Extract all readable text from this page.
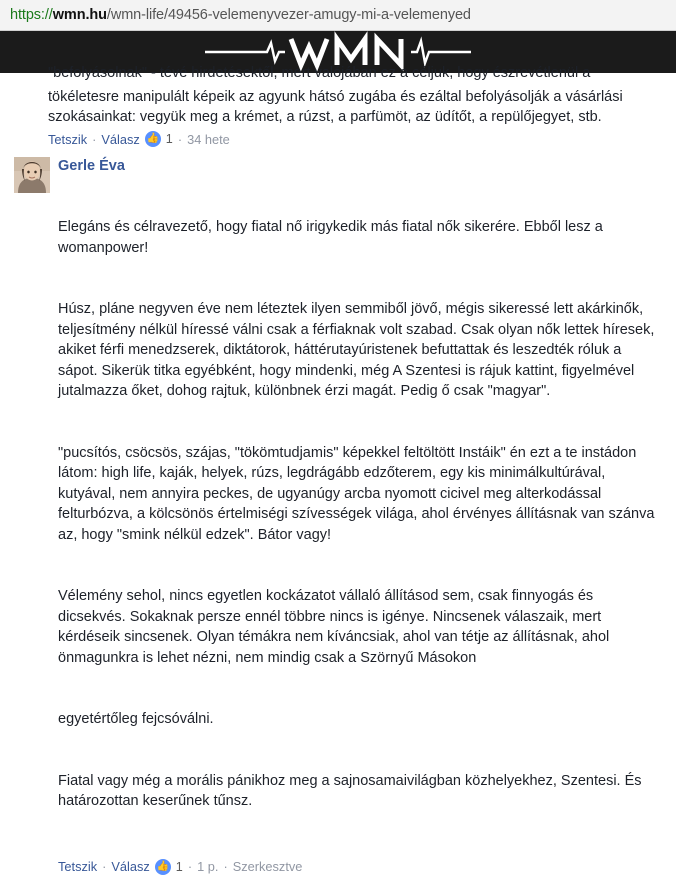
https://wmn.hu/wmn-life/49456-velemenyvezer-amugy-mi-a-velemenyed
"befolyásolnak" - tévé hirdetésektől, mert valójában ez a céljuk, hogy észrevétlenül a
tökéletesre manipulált képeik az agyunk hátsó zugába és ezáltal befolyásolják a vásárlási
szokásainkat: vegyük meg a krémet, a rúzst, a parfümöt, az üdítőt, a repülőjegyet, stb.
Tetszik · Válasz 👍 1 · 34 hete
Gerle Éva

Elegáns és célravezető, hogy fiatal nő irigykedik más fiatal nők sikerére. Ebből lesz a womanpower!

Húsz, pláne negyven éve nem léteztek ilyen semmiből jövő, mégis sikeressé lett akárkinők, teljesítmény nélkül híressé válni csak a férfiaknak volt szabad. Csak olyan nők lettek híresek, akiket férfi menedzserek, diktátorok, háttérutayúristenek befuttattak és leszedték róluk a sápot. Sikerük titka egyébként, hogy mindenki, még A Szentesi is rájuk kattint, figyelmével jutalmazza őket, dohog rajtuk, különbnek érzi magát. Pedig ő csak "magyar".

"pucsítós, csöcsös, szájas, "tökömtudjamis" képekkel feltöltött Instáik" én ezt a te instádon látom: high life, kaják, helyek, rúzs, legdrágább edzőterem, egy kis minimálkultúrával, kutyával, nem annyira peckes, de ugyanúgy arcba nyomott cicivel meg alterkodással felturbózva, a kölcsönös értelmiségi szívességek világa, ahol érvényes állításnak van szánva az, hogy "smink nélkül edzek". Bátor vagy!

Vélemény sehol, nincs egyetlen kockázatot vállaló állításod sem, csak finnyogás és dicsekvés. Sokaknak persze ennél többre nincs is igénye. Nincsenek válaszaik, mert kérdéseik sincsenek. Olyan témákra nem kíváncsiak, ahol van tétje az állításnak, ahol önmagunkra is lehet nézni, nem mindig csak a Szörnyű Másokon

egyetértőleg fejcsóválni.

Fiatal vagy még a morális pánikhoz meg a sajnosamaivilágban közhelyekhez, Szentesi. És határozottan keserűnek tűnsz.

Tetszik · Válasz 👍 1 · 1 p. · Szerkesztve
